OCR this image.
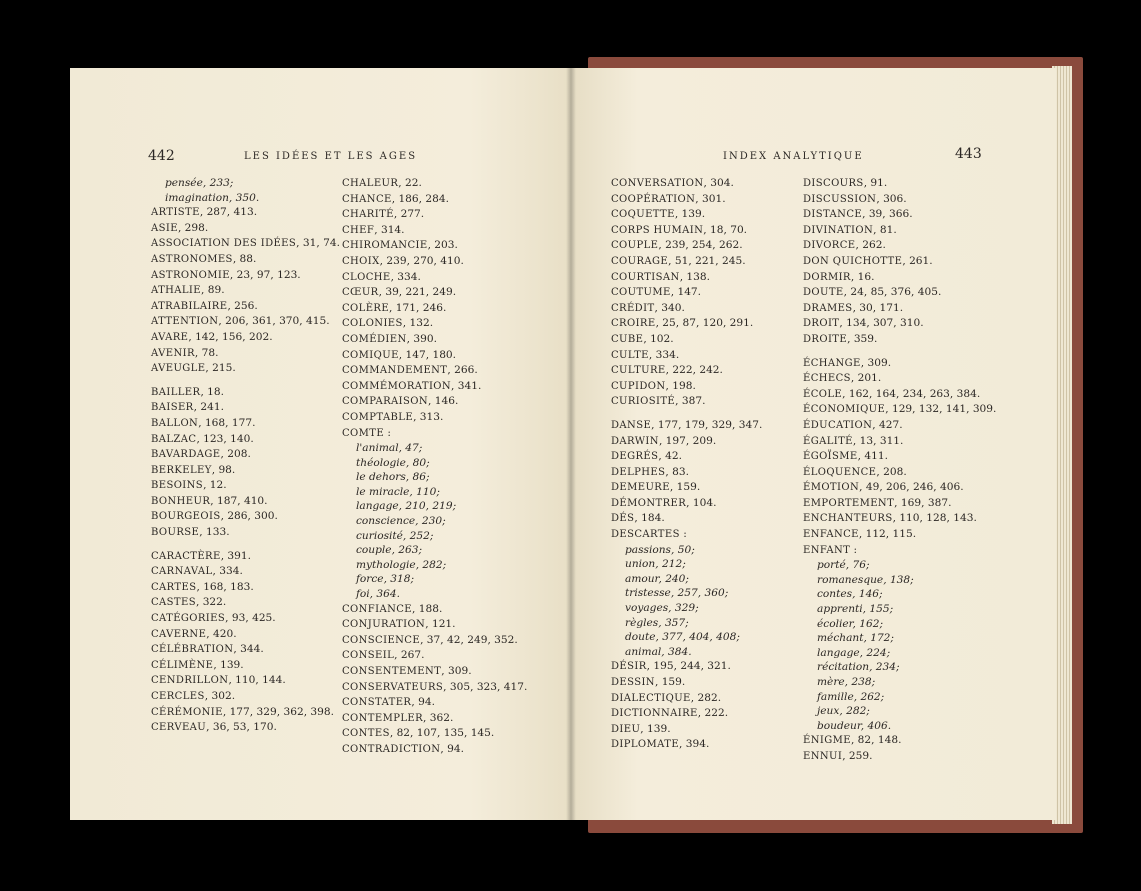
442	LES IDÉES ET LES AGES
pensée, 233;
imagination, 350.
ARTISTE, 287, 413.
ASIE, 298.
ASSOCIATION DES IDÉES, 31, 74.
ASTRONOMES, 88.
ASTRONOMIE, 23, 97, 123.
ATHALIE, 89.
ATRABILAIRE, 256.
ATTENTION, 206, 361, 370, 415.
AVARE, 142, 156, 202.
AVENIR, 78.
AVEUGLE, 215.
BAILLER, 18.
BAISER, 241.
BALLON, 168, 177.
BALZAC, 123, 140.
BAVARDAGE, 208.
BERKELEY, 98.
BESOINS, 12.
BONHEUR, 187, 410.
BOURGEOIS, 286, 300.
BOURSE, 133.
CARACTÈRE, 391.
CARNAVAL, 334.
CARTES, 168, 183.
CASTES, 322.
CATÉGORIES, 93, 425.
CAVERNE, 420.
CÉLÉBRATION, 344.
CÉLIMÈNE, 139.
CENDRILLON, 110, 144.
CERCLES, 302.
CÉRÉMONIE, 177, 329, 362, 398.
CERVEAU, 36, 53, 170.
CHALEUR, 22.
CHANCE, 186, 284.
CHARITÉ, 277.
CHEF, 314.
CHIROMANCIE, 203.
CHOIX, 239, 270, 410.
CLOCHE, 334.
CŒUR, 39, 221, 249.
COLÈRE, 171, 246.
COLONIES, 132.
COMÉDIEN, 390.
COMIQUE, 147, 180.
COMMANDEMENT, 266.
COMMÉMORATION, 341.
COMPARAISON, 146.
COMPTABLE, 313.
COMTE :
l'animal, 47;
théologie, 80;
le dehors, 86;
le miracle, 110;
langage, 210, 219;
conscience, 230;
curiosité, 252;
couple, 263;
mythologie, 282;
force, 318;
foi, 364.
CONFIANCE, 188.
CONJURATION, 121.
CONSCIENCE, 37, 42, 249, 352.
CONSEIL, 267.
CONSENTEMENT, 309.
CONSERVATEURS, 305, 323, 417.
CONSTATER, 94.
CONTEMPLER, 362.
CONTES, 82, 107, 135, 145.
CONTRADICTION, 94.
INDEX ANALYTIQUE	443
CONVERSATION, 304.
COOPÉRATION, 301.
COQUETTE, 139.
CORPS HUMAIN, 18, 70.
COUPLE, 239, 254, 262.
COURAGE, 51, 221, 245.
COURTISAN, 138.
COUTUME, 147.
CRÉDIT, 340.
CROIRE, 25, 87, 120, 291.
CUBE, 102.
CULTE, 334.
CULTURE, 222, 242.
CUPIDON, 198.
CURIOSITÉ, 387.
DANSE, 177, 179, 329, 347.
DARWIN, 197, 209.
DEGRÉS, 42.
DELPHES, 83.
DEMEURE, 159.
DÉMONTRER, 104.
DÉS, 184.
DESCARTES :
passions, 50;
union, 212;
amour, 240;
tristesse, 257, 360;
voyages, 329;
règles, 357;
doute, 377, 404, 408;
animal, 384.
DÉSIR, 195, 244, 321.
DESSIN, 159.
DIALECTIQUE, 282.
DICTIONNAIRE, 222.
DIEU, 139.
DIPLOMATE, 394.
DISCOURS, 91.
DISCUSSION, 306.
DISTANCE, 39, 366.
DIVINATION, 81.
DIVORCE, 262.
DON QUICHOTTE, 261.
DORMIR, 16.
DOUTE, 24, 85, 376, 405.
DRAMES, 30, 171.
DROIT, 134, 307, 310.
DROITE, 359.
ÉCHANGE, 309.
ÉCHECS, 201.
ÉCOLE, 162, 164, 234, 263, 384.
ÉCONOMIQUE, 129, 132, 141, 309.
ÉDUCATION, 427.
ÉGALITÉ, 13, 311.
ÉGOÏSME, 411.
ÉLOQUENCE, 208.
ÉMOTION, 49, 206, 246, 406.
EMPORTEMENT, 169, 387.
ENCHANTEURS, 110, 128, 143.
ENFANCE, 112, 115.
ENFANT :
porté, 76;
romanesque, 138;
contes, 146;
apprenti, 155;
écolier, 162;
méchant, 172;
langage, 224;
récitation, 234;
mère, 238;
famille, 262;
jeux, 282;
boudeur, 406.
ÉNIGME, 82, 148.
ENNUI, 259.
